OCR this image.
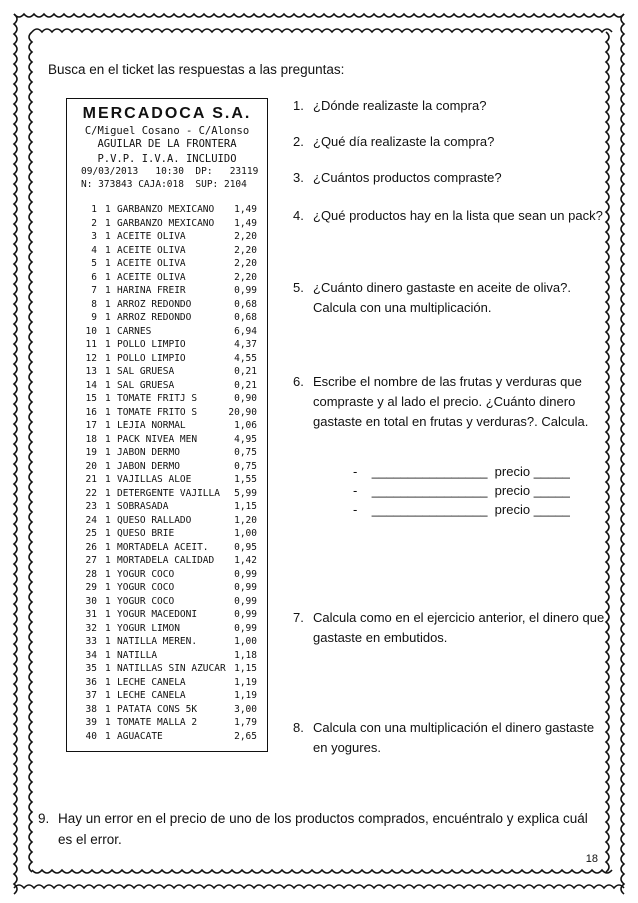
Busca en el ticket las respuestas a las preguntas:
MERCADOCA S.A.
C/Miguel Cosano - C/Alonso
AGUILAR DE LA FRONTERA
P.V.P. I.V.A. INCLUIDO
09/03/2013   10:30  DP:   23119
N: 373843 CAJA:018  SUP: 2104
1 1 GARBANZO MEXICANO 1,49
2 1 GARBANZO MEXICANO 1,49
3 1 ACEITE OLIVA	2,20
4 1 ACEITE OLIVA	2,20
5 1 ACEITE OLIVA	2,20
6 1 ACEITE OLIVA	2,20
7 1 HARINA FREIR	0,99
8 1 ARROZ REDONDO	0,68
9 1 ARROZ REDONDO	0,68
10 1 CARNES	6,94
11 1 POLLO LIMPIO	4,37
12 1 POLLO LIMPIO	4,55
13 1 SAL GRUESA	0,21
14 1 SAL GRUESA	0,21
15 1 TOMATE FRITJ S	0,90
16 1 TOMATE FRITO S	20,90
17 1 LEJIA NORMAL	1,06
18 1 PACK NIVEA MEN	4,95
19 1 JABON DERMO	0,75
20 1 JABON DERMO	0,75
21 1 VAJILLAS ALOE	1,55
22 1 DETERGENTE VAJILLA 5,99
23 1 SOBRASADA	1,15
24 1 QUESO RALLADO	1,20
25 1 QUESO BRIE	1,00
26 1 MORTADELA ACEIT.	0,95
27 1 MORTADELA CALIDAD 1,42
28 1 YOGUR COCO	0,99
29 1 YOGUR COCO	0,99
30 1 YOGUR COCO	0,99
31 1 YOGUR MACEDONI	0,99
32 1 YOGUR LIMON	0,99
33 1 NATILLA MEREN.	1,00
34 1 NATILLA	1,18
35 1 NATILLAS SIN AZUCAR 1,15
36 1 LECHE CANELA	1,19
37 1 LECHE CANELA	1,19
38 1 PATATA CONS 5K	3,00
39 1 TOMATE MALLA 2	1,79
40 1 AGUACATE	2,65
1. ¿Dónde realizaste la compra?
2. ¿Qué día realizaste la compra?
3. ¿Cuántos productos compraste?
4. ¿Qué productos hay en la lista que sean un pack?
5. ¿Cuánto dinero gastaste en aceite de oliva?. Calcula con una multiplicación.
6. Escribe el nombre de las frutas y verduras que compraste y al lado el precio. ¿Cuánto dinero gastaste en total en frutas y verduras?. Calcula.
7. Calcula como en el ejercicio anterior, el dinero que gastaste en embutidos.
8. Calcula con una multiplicación el dinero gastaste en yogures.
-    ________________  precio _____
-    ________________  precio _____
-    ________________  precio _____
9. Hay un error en el precio de uno de los productos comprados, encuéntralo y explica cuál es el error.
18
